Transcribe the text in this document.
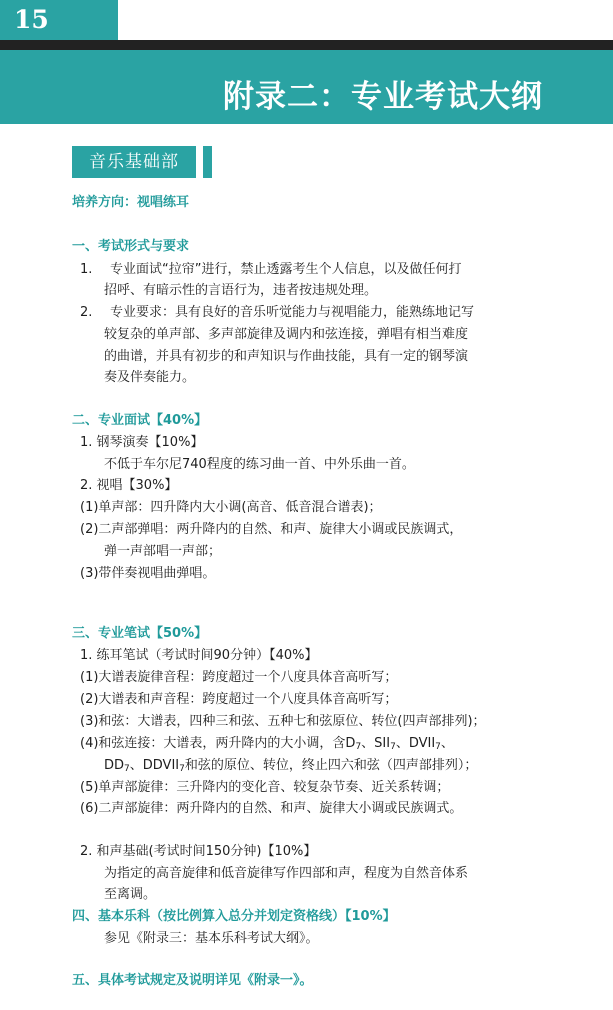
15
附录二：专业考试大纲
音乐基础部
培养方向：视唱练耳
一、考试形式与要求
1. 专业面试“拉帘”进行，禁止透露考生个人信息，以及做任何打
招呼、有暗示性的言语行为，违者按违规处理。
2. 专业要求：具有良好的音乐听觉能力与视唱能力，能熟练地记写
较复杂的单声部、多声部旋律及调内和弦连接，弹唱有相当难度
的曲谱，并具有初步的和声知识与作曲技能，具有一定的钢琴演
奏及伴奏能力。
二、专业面试【40%】
1. 钢琴演奏【10%】
不低于车尔尼740程度的练习曲一首、中外乐曲一首。
2. 视唱【30%】
(1)单声部：四升降内大小调(高音、低音混合谱表)；
(2)二声部弹唱：两升降内的自然、和声、旋律大小调或民族调式，
弹一声部唱一声部；
(3)带伴奏视唱曲弹唱。
三、专业笔试【50%】
1. 练耳笔试（考试时间90分钟）【40%】
(1)大谱表旋律音程：跨度超过一个八度具体音高听写；
(2)大谱表和声音程：跨度超过一个八度具体音高听写；
(3)和弦：大谱表，四种三和弦、五种七和弦原位、转位(四声部排列)；
(4)和弦连接：大谱表，两升降内的大小调，含D7、SII7、DVII7、
DD7、DDVII7和弦的原位、转位，终止四六和弦（四声部排列）；
(5)单声部旋律：三升降内的变化音、较复杂节奏、近关系转调；
(6)二声部旋律：两升降内的自然、和声、旋律大小调或民族调式。
2. 和声基础(考试时间150分钟)【10%】
为指定的高音旋律和低音旋律写作四部和声，程度为自然音体系
至离调。
四、基本乐科（按比例算入总分并划定资格线）【10%】
参见《附录三：基本乐科考试大纲》。
五、具体考试规定及说明详见《附录一》。
